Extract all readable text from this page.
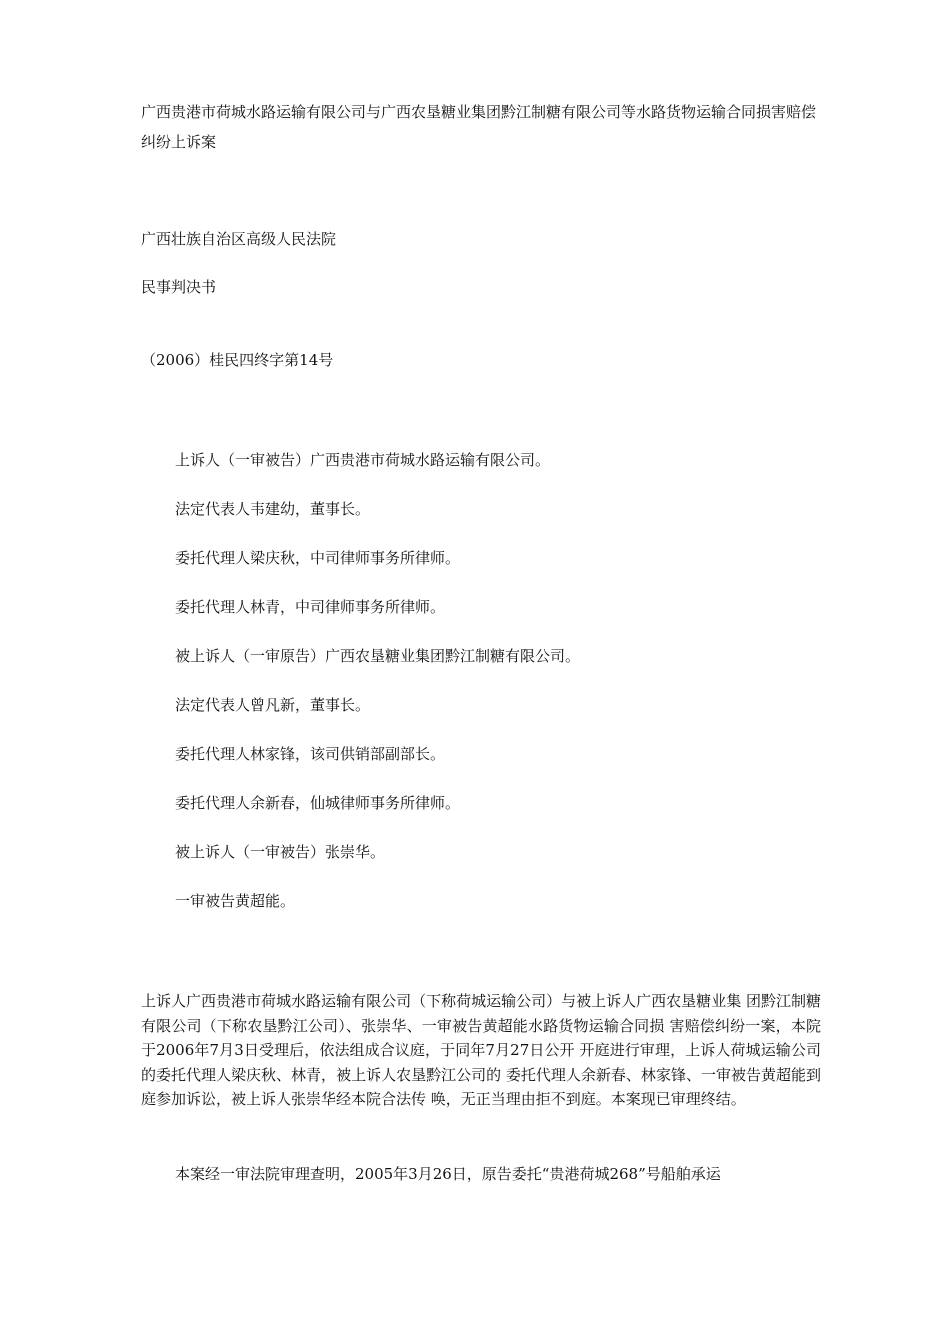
广西贵港市荷城水路运输有限公司与广西农垦糖业集团黔江制糖有限公司等水路货物运输合同损害赔偿纠纷上诉案

广西壮族自治区高级人民法院

民事判决书

（2006）桂民四终字第14号

上诉人（一审被告）广西贵港市荷城水路运输有限公司。

法定代表人韦建幼，董事长。

委托代理人梁庆秋，中司律师事务所律师。

委托代理人林青，中司律师事务所律师。

被上诉人（一审原告）广西农垦糖业集团黔江制糖有限公司。

法定代表人曾凡新，董事长。

委托代理人林家锋，该司供销部副部长。

委托代理人余新春，仙城律师事务所律师。

被上诉人（一审被告）张崇华。

一审被告黄超能。

上诉人广西贵港市荷城水路运输有限公司（下称荷城运输公司）与被上诉人广西农垦糖业集 团黔江制糖有限公司（下称农垦黔江公司）、张崇华、一审被告黄超能水路货物运输合同损 害赔偿纠纷一案，本院于2006年7月3日受理后，依法组成合议庭，于同年7月27日公开 开庭进行审理，上诉人荷城运输公司的委托代理人梁庆秋、林青，被上诉人农垦黔江公司的 委托代理人余新春、林家锋、一审被告黄超能到庭参加诉讼，被上诉人张崇华经本院合法传 唤，无正当理由拒不到庭。本案现已审理终结。

本案经一审法院审理查明，2005年3月26日，原告委托“贵港荷城268”号船舶承运
